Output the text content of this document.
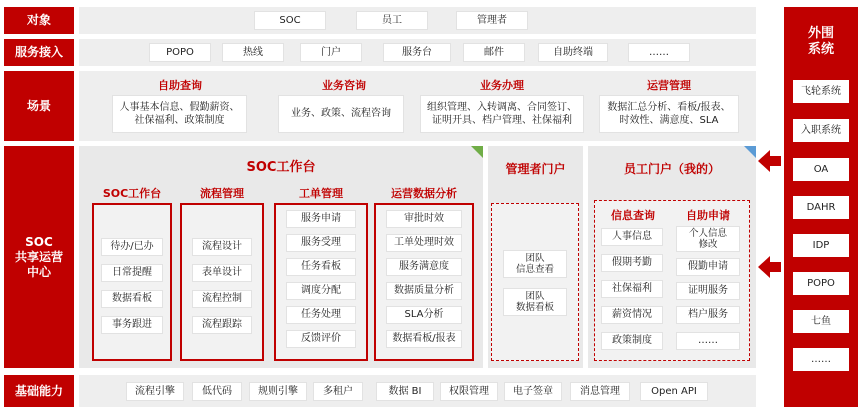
对象
服务接入
场景
SOC
共享运营
中心
基础能力
SOC	员工	管理者
POPO	热线	门户	服务台	邮件	自助终端	……
自助查询
人事基本信息、假勤薪资、
社保福利、政策制度
业务咨询
业务、政策、流程咨询
业务办理
组织管理、入转调离、合同签订、
证明开具、档户管理、社保福利
运营管理
数据汇总分析、看板/报表、
时效性、满意度、SLA
SOC工作台
SOC工作台
待办/已办
日常提醒
数据看板
事务跟进
流程管理
流程设计
表单设计
流程控制
流程跟踪
工单管理
服务申请
服务受理
任务看板
调度分配
任务处理
反馈评价
运营数据分析
审批时效
工单处理时效
服务满意度
数据质量分析
SLA分析
数据看板/报表
管理者门户
团队
信息查看
团队
数据看板
员工门户（我的）
信息查询
人事信息
假期考勤
社保福利
薪资情况
政策制度
自助申请
个人信息
修改
假勤申请
证明服务
档户服务
……
流程引擎	低代码	规则引擎	多租户	数据 BI	权限管理	电子签章	消息管理	Open API
外围
系统
飞轮系统
入职系统
OA
DAHR
IDP
POPO
七鱼
……
